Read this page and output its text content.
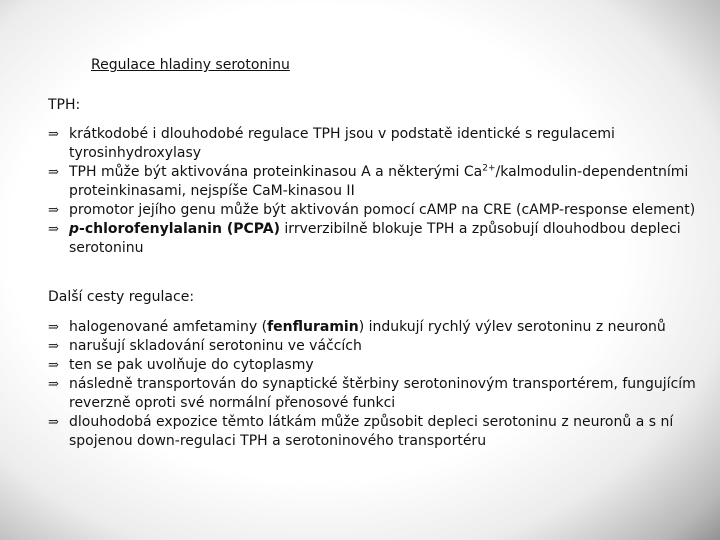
Regulace hladiny serotoninu
TPH:
⇒ krátkodobé i dlouhodobé regulace TPH jsou v podstatě identické s regulacemi tyrosinhydroxylasy
⇒ TPH může být aktivována proteinkinasou A a některými $Ca^{2+}/kalmodulin$-dependentními proteinkinasami, nejspíše CaM-kinasou II
⇒ promotor jejího genu může být aktivován pomocí cAMP na CRE (cAMP-response element)
⇒ p-chlorofenylalanin (PCPA) irrverzibilně blokuje TPH a způsobují dlouhodbou depleci serotoninu
Další cesty regulace:
⇒ halogenované amfetaminy (fenfluramin) indukují rychlý výlev serotoninu z neuronů
⇒ narušují skladování serotoninu ve váčcích
⇒ ten se pak uvolňuje do cytoplasmy
⇒ následně transportován do synaptické štěrbiny serotoninovým transportérem, fungujícím reverzně oproti své normální přenosové funkci
⇒ dlouhodobá expozice těmto látkám může způsobit depleci serotoninu z neuronů a s ní spojenou down-regulaci TPH a serotoninového transportéru
